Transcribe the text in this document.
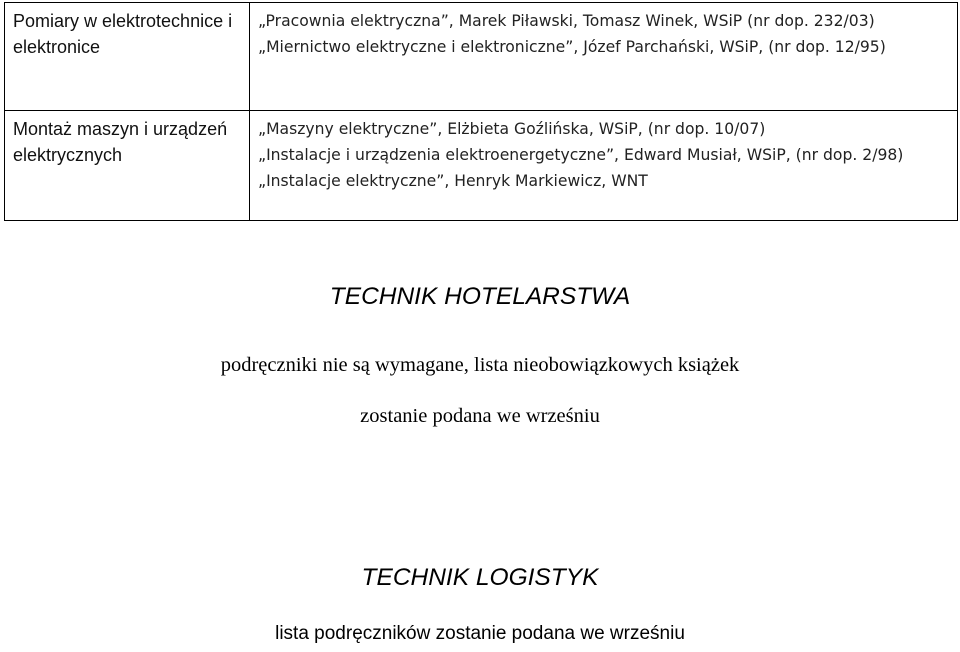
Pomiary w elektrotechnice i elektronice	„Pracownia elektryczna”, Marek Piławski, Tomasz Winek, WSiP (nr dop. 232/03)
„Miernictwo elektryczne i elektroniczne”, Józef Parchański, WSiP, (nr dop. 12/95)

Montaż maszyn i urządzeń elektrycznych	„Maszyny elektryczne”, Elżbieta Goźlińska, WSiP, (nr dop. 10/07)
„Instalacje i urządzenia elektroenergetyczne”, Edward Musiał, WSiP, (nr dop. 2/98)
„Instalacje elektryczne”, Henryk Markiewicz, WNT
TECHNIK HOTELARSTWA
podręczniki nie są wymagane, lista nieobowiązkowych książek
zostanie podana we wrześniu
TECHNIK LOGISTYK
lista podręczników zostanie podana we wrześniu
